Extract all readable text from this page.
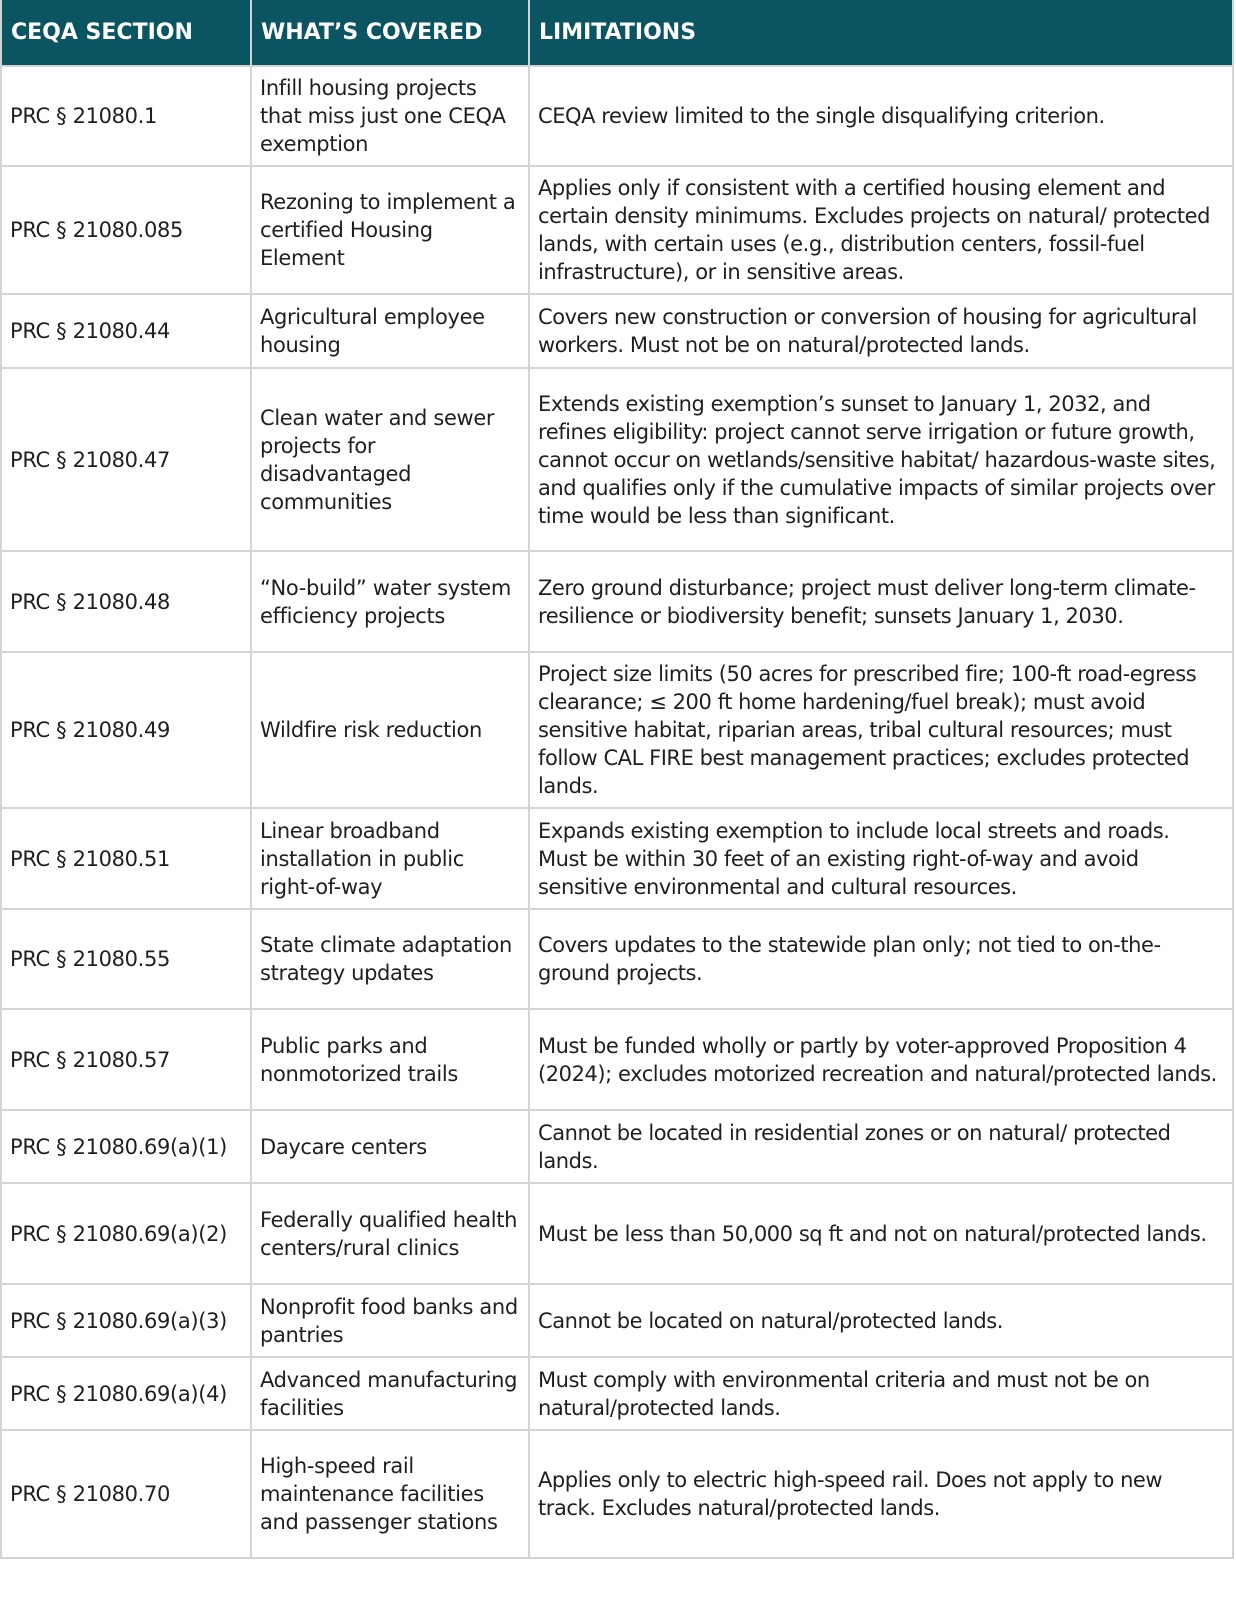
CEQA SECTION	WHAT’S COVERED	LIMITATIONS
PRC § 21080.1	Infill housing projects that miss just one CEQA exemption	CEQA review limited to the single disqualifying criterion.
PRC § 21080.085	Rezoning to implement a certified Housing Element	Applies only if consistent with a certified housing element and certain density minimums. Excludes projects on natural/ protected lands, with certain uses (e.g., distribution centers, fossil-fuel infrastructure), or in sensitive areas.
PRC § 21080.44	Agricultural employee housing	Covers new construction or conversion of housing for agricultural workers. Must not be on natural/protected lands.
PRC § 21080.47	Clean water and sewer projects for disadvantaged communities	Extends existing exemption’s sunset to January 1, 2032, and refines eligibility: project cannot serve irrigation or future growth, cannot occur on wetlands/sensitive habitat/ hazardous-waste sites, and qualifies only if the cumulative impacts of similar projects over time would be less than significant.
PRC § 21080.48	“No-build” water system efficiency projects	Zero ground disturbance; project must deliver long-term climate-resilience or biodiversity benefit; sunsets January 1, 2030.
PRC § 21080.49	Wildfire risk reduction	Project size limits (50 acres for prescribed fire; 100-ft road-egress clearance; ≤ 200 ft home hardening/fuel break); must avoid sensitive habitat, riparian areas, tribal cultural resources; must follow CAL FIRE best management practices; excludes protected lands.
PRC § 21080.51	Linear broadband installation in public right-of-way	Expands existing exemption to include local streets and roads. Must be within 30 feet of an existing right-of-way and avoid sensitive environmental and cultural resources.
PRC § 21080.55	State climate adaptation strategy updates	Covers updates to the statewide plan only; not tied to on-the-ground projects.
PRC § 21080.57	Public parks and nonmotorized trails	Must be funded wholly or partly by voter-approved Proposition 4 (2024); excludes motorized recreation and natural/protected lands.
PRC § 21080.69(a)(1)	Daycare centers	Cannot be located in residential zones or on natural/ protected lands.
PRC § 21080.69(a)(2)	Federally qualified health centers/rural clinics	Must be less than 50,000 sq ft and not on natural/protected lands.
PRC § 21080.69(a)(3)	Nonprofit food banks and pantries	Cannot be located on natural/protected lands.
PRC § 21080.69(a)(4)	Advanced manufacturing facilities	Must comply with environmental criteria and must not be on natural/protected lands.
PRC § 21080.70	High-speed rail maintenance facilities and passenger stations	Applies only to electric high-speed rail. Does not apply to new track. Excludes natural/protected lands.
